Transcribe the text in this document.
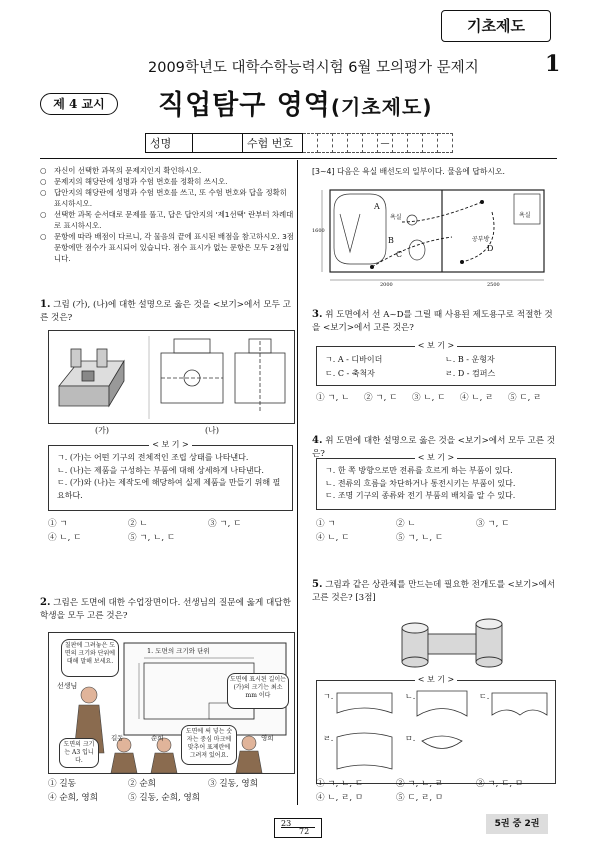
기초제도
2009학년도 대학수학능력시험 6월 모의평가 문제지	1
제 4 교시	직업탐구 영역(기초제도)
성명	수험 번호	—
○ 자신이 선택한 과목의 문제지인지 확인하시오.
○ 문제지의 해당란에 성명과 수험 번호를 정확히 쓰시오.
○ 답안지의 해당란에 성명과 수험 번호를 쓰고, 또 수험 번호와 답을 정확히 표시하시오.
○ 선택한 과목 순서대로 문제를 풀고, 답은 답안지의 '제1선택' 란부터 차례대로 표시하시오.
○ 문항에 따라 배점이 다르니, 각 물음의 끝에 표시된 배점을 참고하시오. 3점 문항에만 점수가 표시되어 있습니다. 점수 표시가 없는 문항은 모두 2점입니다.
1. 그림 (가), (나)에 대한 설명으로 옳은 것을 <보기>에서 모두 고른 것은?
(가)	(나)
< 보 기 >
ㄱ. (가)는 어떤 기구의 전체적인 조립 상태를 나타낸다.
ㄴ. (나)는 제품을 구성하는 부품에 대해 상세하게 나타낸다.
ㄷ. (가)와 (나)는 제작도에 해당하여 실제 제품을 만들기 위해 필요하다.
① ㄱ	② ㄴ	③ ㄱ, ㄷ
④ ㄴ, ㄷ	⑤ ㄱ, ㄴ, ㄷ
2. 그림은 도면에 대한 수업장면이다. 선생님의 질문에 옳게 대답한 학생을 모두 고른 것은?
칠판에 그려놓은 도면의 크기와 단위에 대해 말해 보세요.
선생님
1. 도면의 크기와 단위
도면에 표시된 길이는 (가)의 크기는 최소 mm 이다
도면의 크기는 A3 입니다.
도면에 써 넣는 숫자는 중심 마크에 맞추어 표제란에 그려져 있어요.
길동	순희	영희
① 길동	② 순희	③ 길동, 영희
④ 순희, 영희	⑤ 길동, 순희, 영희
[3~4] 다음은 욕실 배선도의 일부이다. 물음에 답하시오.
욕실
공부방
욕실
A
B
C
D
2000	2500
1600
3. 위 도면에서 선 A~D를 그릴 때 사용된 제도용구로 적절한 것을 <보기>에서 고른 것은?
< 보 기 >
ㄱ. A - 디바이더	ㄴ. B - 운형자
ㄷ. C - 축척자	ㄹ. D - 컴퍼스
① ㄱ, ㄴ ② ㄱ, ㄷ ③ ㄴ, ㄷ ④ ㄴ, ㄹ ⑤ ㄷ, ㄹ
4. 위 도면에 대한 설명으로 옳은 것을 <보기>에서 모두 고른 것은?	< 보 기 >
ㄱ. 한 쪽 방향으로만 전류를 흐르게 하는 부품이 있다.
ㄴ. 전류의 흐름을 차단하거나 통전시키는 부품이 있다.
ㄷ. 조명 기구의 종류와 전기 부품의 배치를 알 수 있다.
① ㄱ	② ㄴ	③ ㄱ, ㄷ
④ ㄴ, ㄷ	⑤ ㄱ, ㄴ, ㄷ
5. 그림과 같은 상관체를 만드는데 필요한 전개도를 <보기>에서 고른 것은? [3점]
< 보 기 >
ㄱ.	ㄴ.	ㄷ.
ㄹ.	ㅁ.
① ㄱ, ㄴ, ㄷ	② ㄱ, ㄴ, ㄹ	③ ㄱ, ㄷ, ㅁ
④ ㄴ, ㄹ, ㅁ	⑤ ㄷ, ㄹ, ㅁ
23
72
5권 중 2권
